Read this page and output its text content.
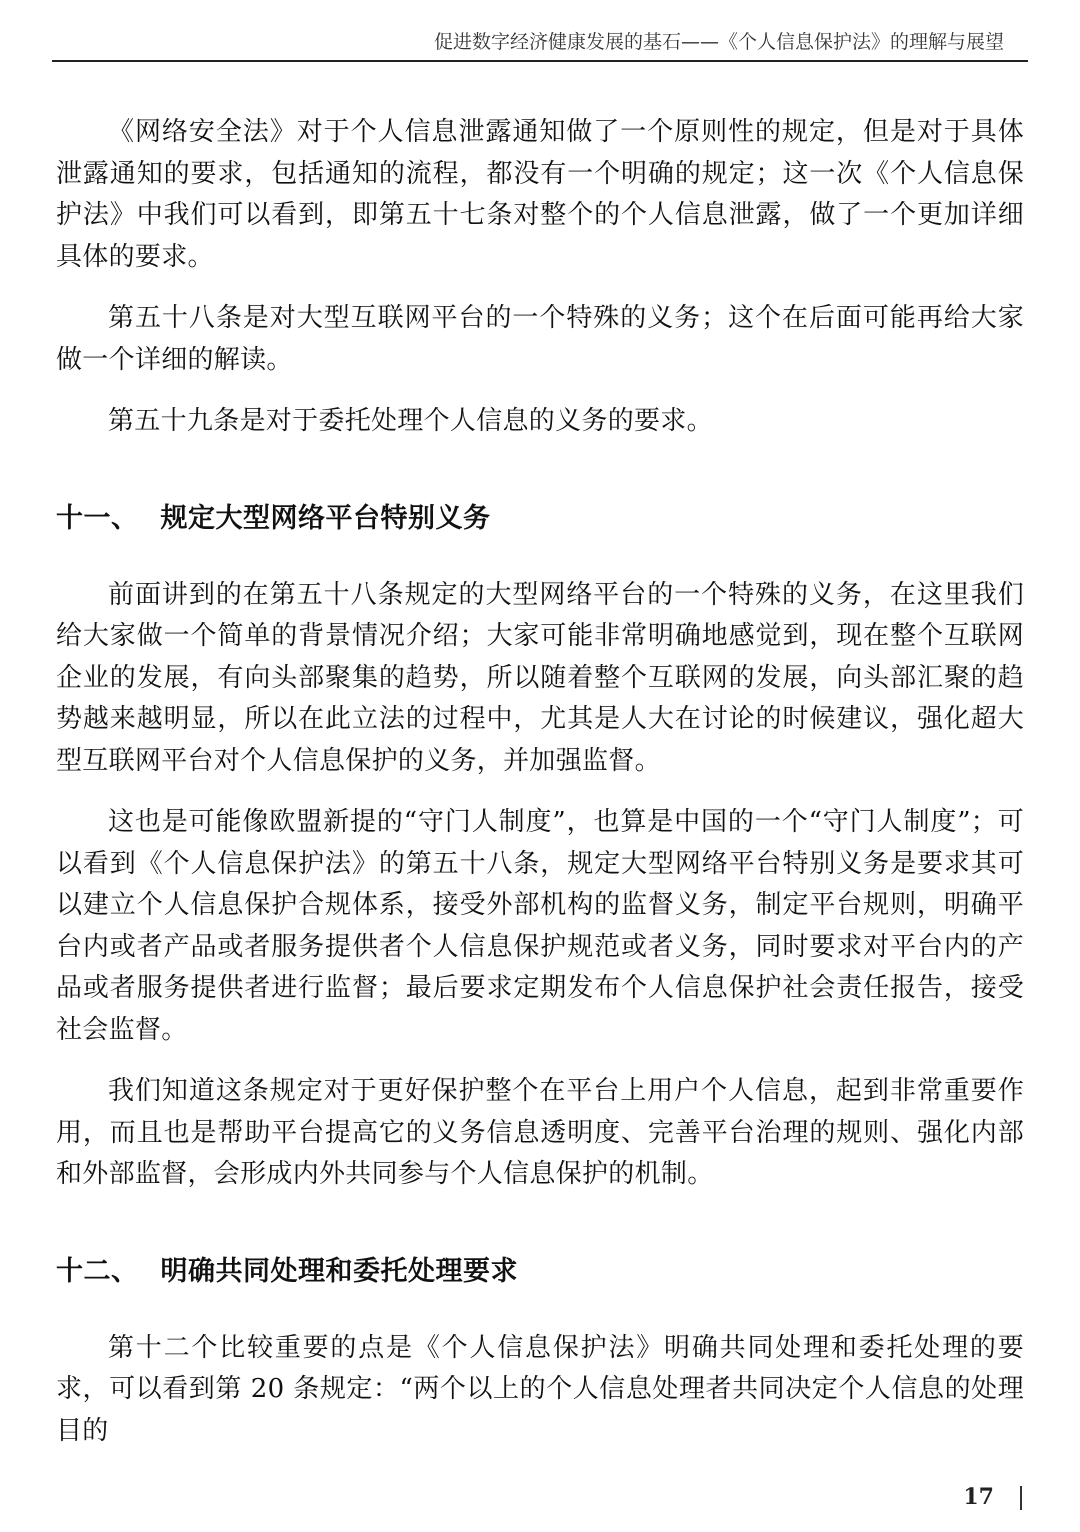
促进数字经济健康发展的基石——《个人信息保护法》的理解与展望

《网络安全法》对于个人信息泄露通知做了一个原则性的规定，但是对于具体泄露通知的要求，包括通知的流程，都没有一个明确的规定；这一次《个人信息保护法》中我们可以看到，即第五十七条对整个的个人信息泄露，做了一个更加详细具体的要求。

第五十八条是对大型互联网平台的一个特殊的义务；这个在后面可能再给大家做一个详细的解读。

第五十九条是对于委托处理个人信息的义务的要求。

十一、 规定大型网络平台特别义务

前面讲到的在第五十八条规定的大型网络平台的一个特殊的义务，在这里我们给大家做一个简单的背景情况介绍；大家可能非常明确地感觉到，现在整个互联网企业的发展，有向头部聚集的趋势，所以随着整个互联网的发展，向头部汇聚的趋势越来越明显，所以在此立法的过程中，尤其是人大在讨论的时候建议，强化超大型互联网平台对个人信息保护的义务，并加强监督。

这也是可能像欧盟新提的“守门人制度”，也算是中国的一个“守门人制度”；可以看到《个人信息保护法》的第五十八条，规定大型网络平台特别义务是要求其可以建立个人信息保护合规体系，接受外部机构的监督义务，制定平台规则，明确平台内或者产品或者服务提供者个人信息保护规范或者义务，同时要求对平台内的产品或者服务提供者进行监督；最后要求定期发布个人信息保护社会责任报告，接受社会监督。

我们知道这条规定对于更好保护整个在平台上用户个人信息，起到非常重要作用，而且也是帮助平台提高它的义务信息透明度、完善平台治理的规则、强化内部和外部监督，会形成内外共同参与个人信息保护的机制。

十二、 明确共同处理和委托处理要求

第十二个比较重要的点是《个人信息保护法》明确共同处理和委托处理的要求，可以看到第 20 条规定：“两个以上的个人信息处理者共同决定个人信息的处理目的

17
